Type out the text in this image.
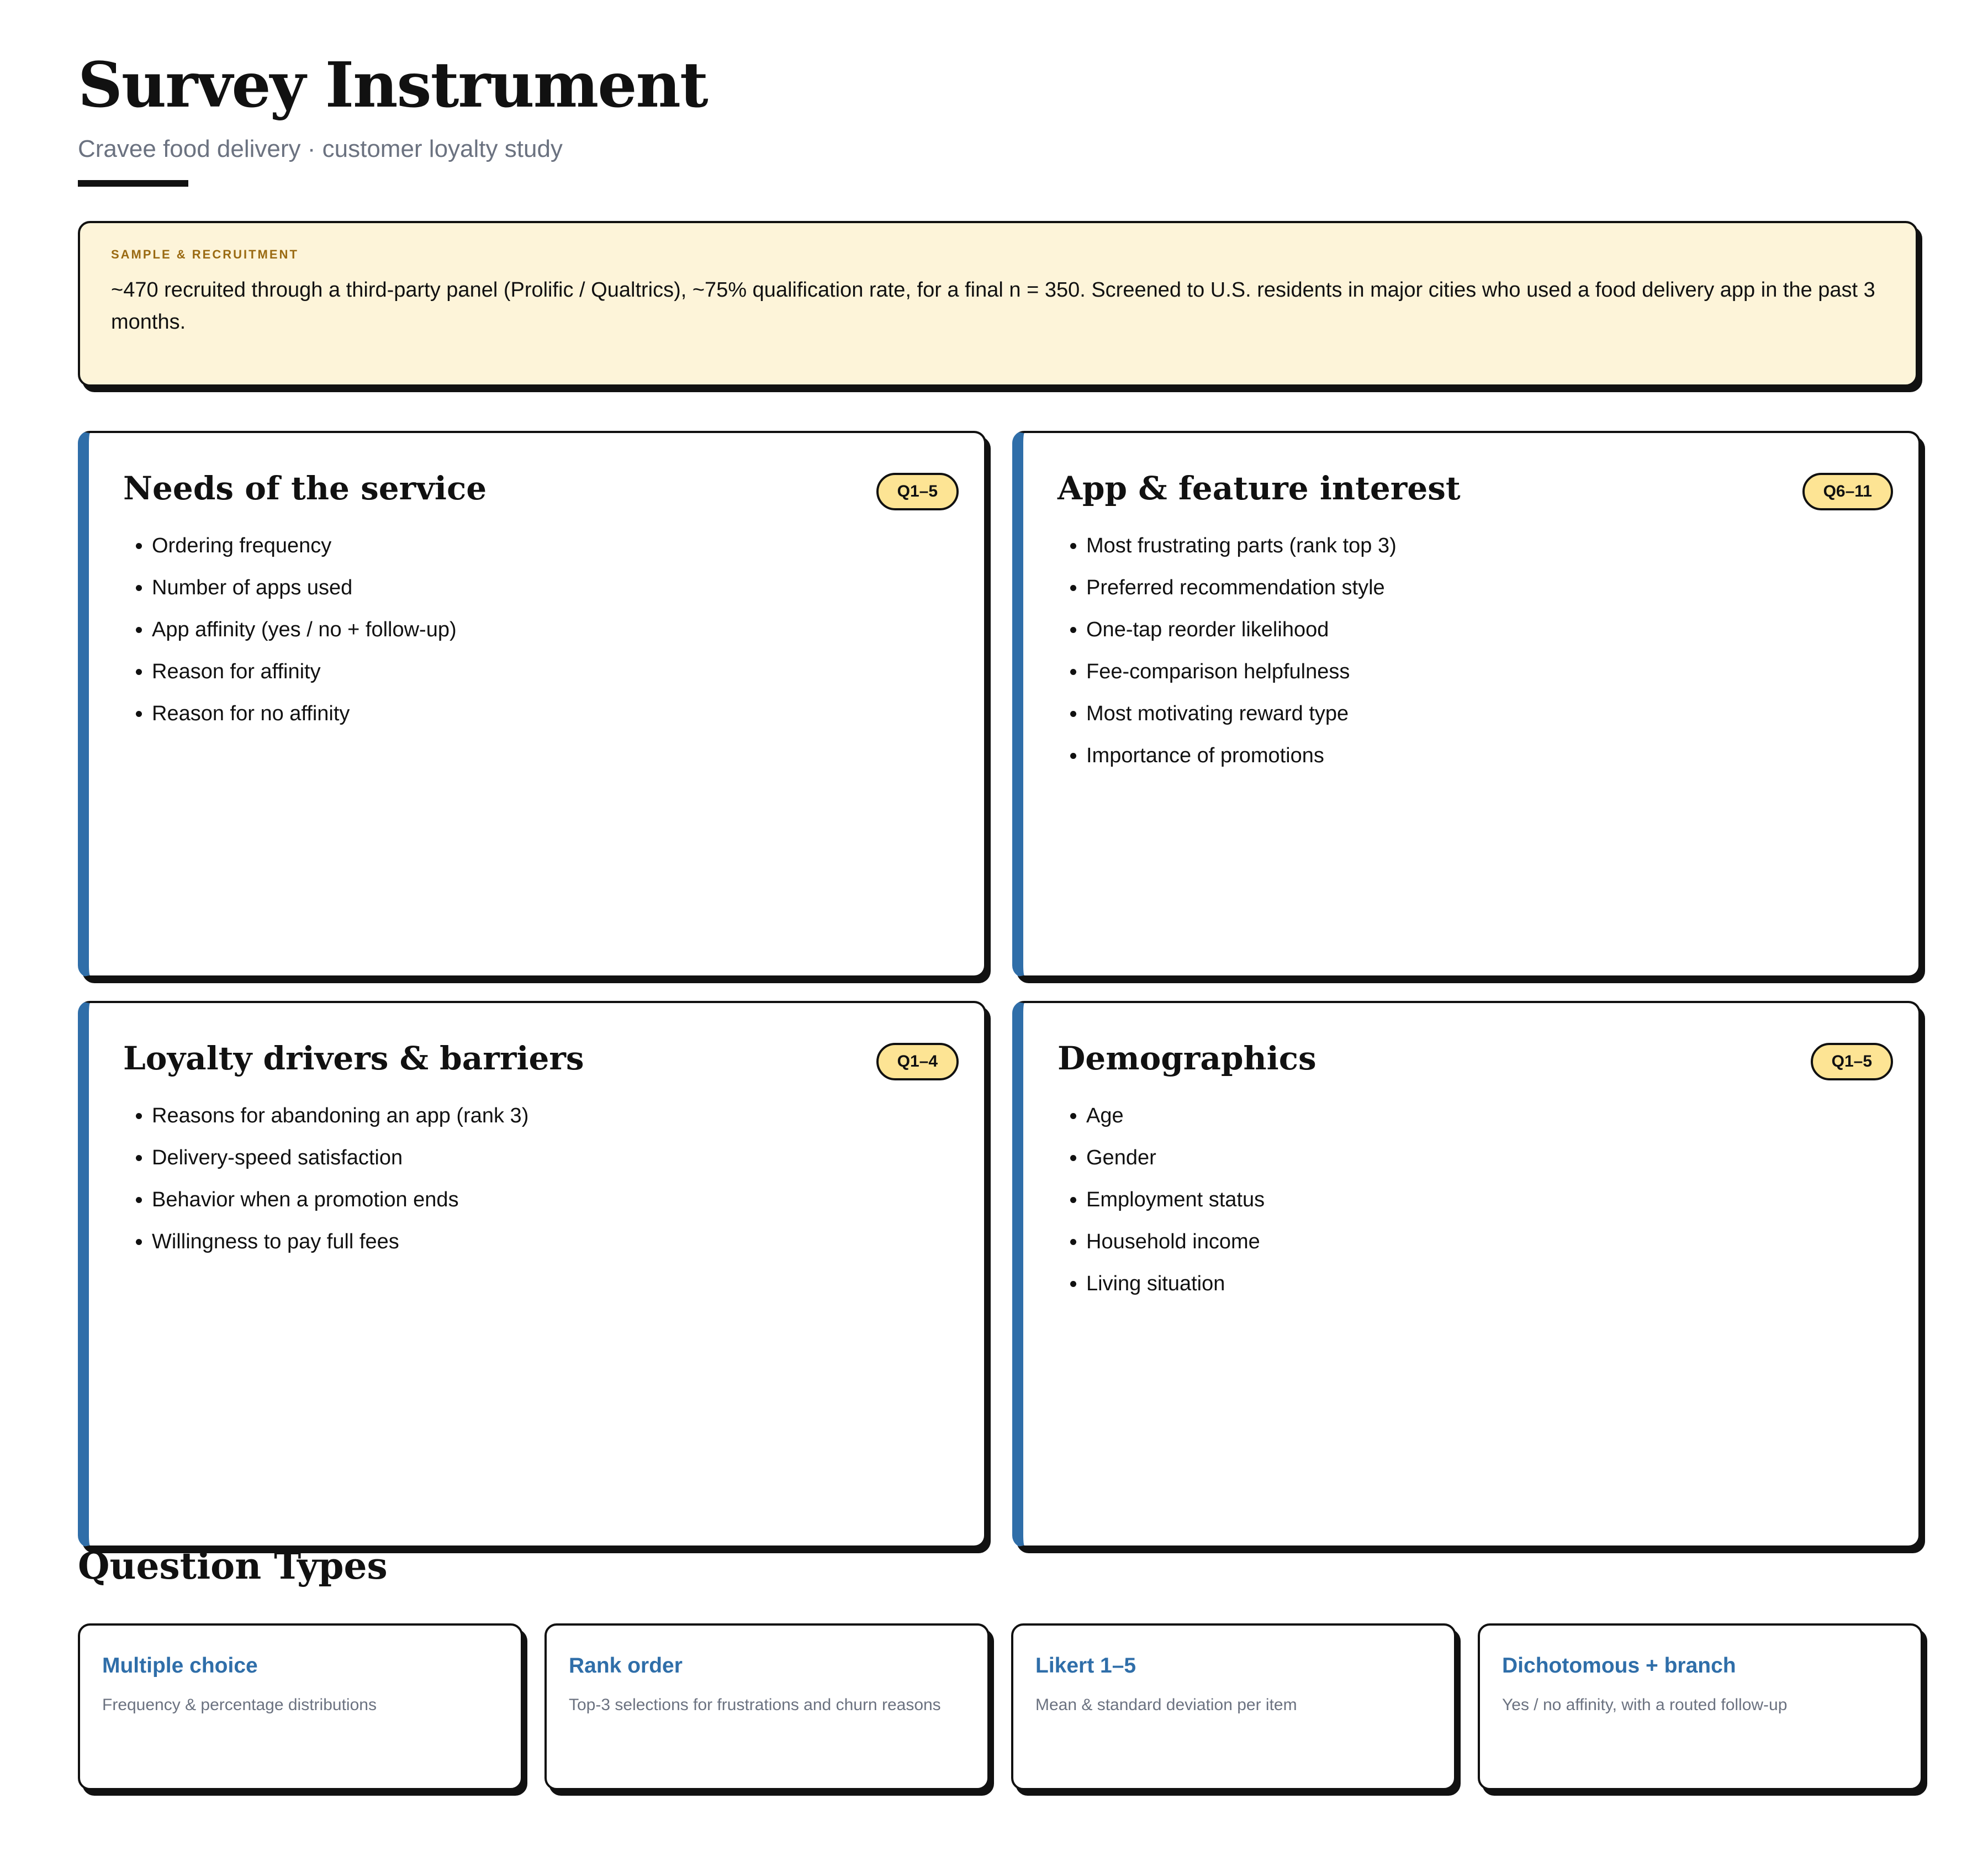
Survey Instrument
Cravee food delivery · customer loyalty study
SAMPLE & RECRUITMENT
~470 recruited through a third-party panel (Prolific / Qualtrics), ~75% qualification rate, for a final n = 350. Screened to U.S. residents in major cities who used a food delivery app in the past 3 months.
Needs of the service	Q1–5
• Ordering frequency
• Number of apps used
• App affinity (yes / no + follow-up)
• Reason for affinity
• Reason for no affinity
App & feature interest	Q6–11
• Most frustrating parts (rank top 3)
• Preferred recommendation style
• One-tap reorder likelihood
• Fee-comparison helpfulness
• Most motivating reward type
• Importance of promotions
Loyalty drivers & barriers	Q1–4
• Reasons for abandoning an app (rank 3)
• Delivery-speed satisfaction
• Behavior when a promotion ends
• Willingness to pay full fees
Demographics	Q1–5
• Age
• Gender
• Employment status
• Household income
• Living situation
Question Types
Multiple choice
Frequency & percentage distributions
Rank order
Top-3 selections for frustrations and churn reasons
Likert 1–5
Mean & standard deviation per item
Dichotomous + branch
Yes / no affinity, with a routed follow-up
